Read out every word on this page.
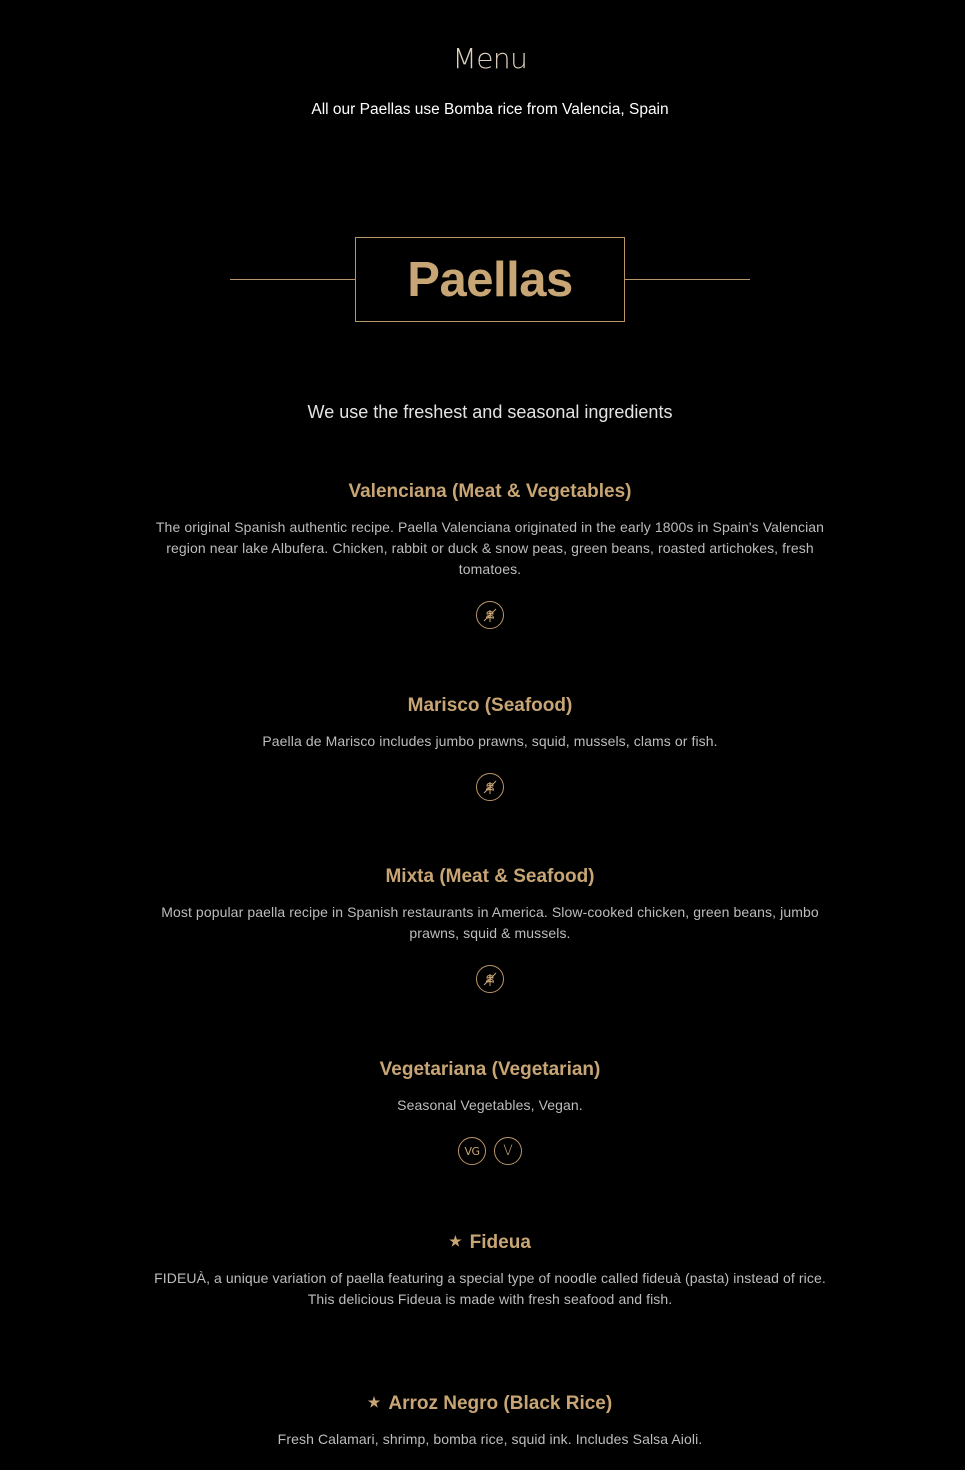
Menu
All our Paellas use Bomba rice from Valencia, Spain
Paellas
We use the freshest and seasonal ingredients
Valenciana (Meat & Vegetables)
The original Spanish authentic recipe. Paella Valenciana originated in the early 1800s in Spain's Valencian region near lake Albufera. Chicken, rabbit or duck & snow peas, green beans, roasted artichokes, fresh tomatoes.
Marisco (Seafood)
Paella de Marisco includes jumbo prawns, squid, mussels, clams or fish.
Mixta (Meat & Seafood)
Most popular paella recipe in Spanish restaurants in America. Slow-cooked chicken, green beans, jumbo prawns, squid & mussels.
Vegetariana (Vegetarian)
Seasonal Vegetables, Vegan.
VG	V
★ Fideua
FIDEUÀ, a unique variation of paella featuring a special type of noodle called fideuà (pasta) instead of rice. This delicious Fideua is made with fresh seafood and fish.
★ Arroz Negro (Black Rice)
Fresh Calamari, shrimp, bomba rice, squid ink. Includes Salsa Aioli.
